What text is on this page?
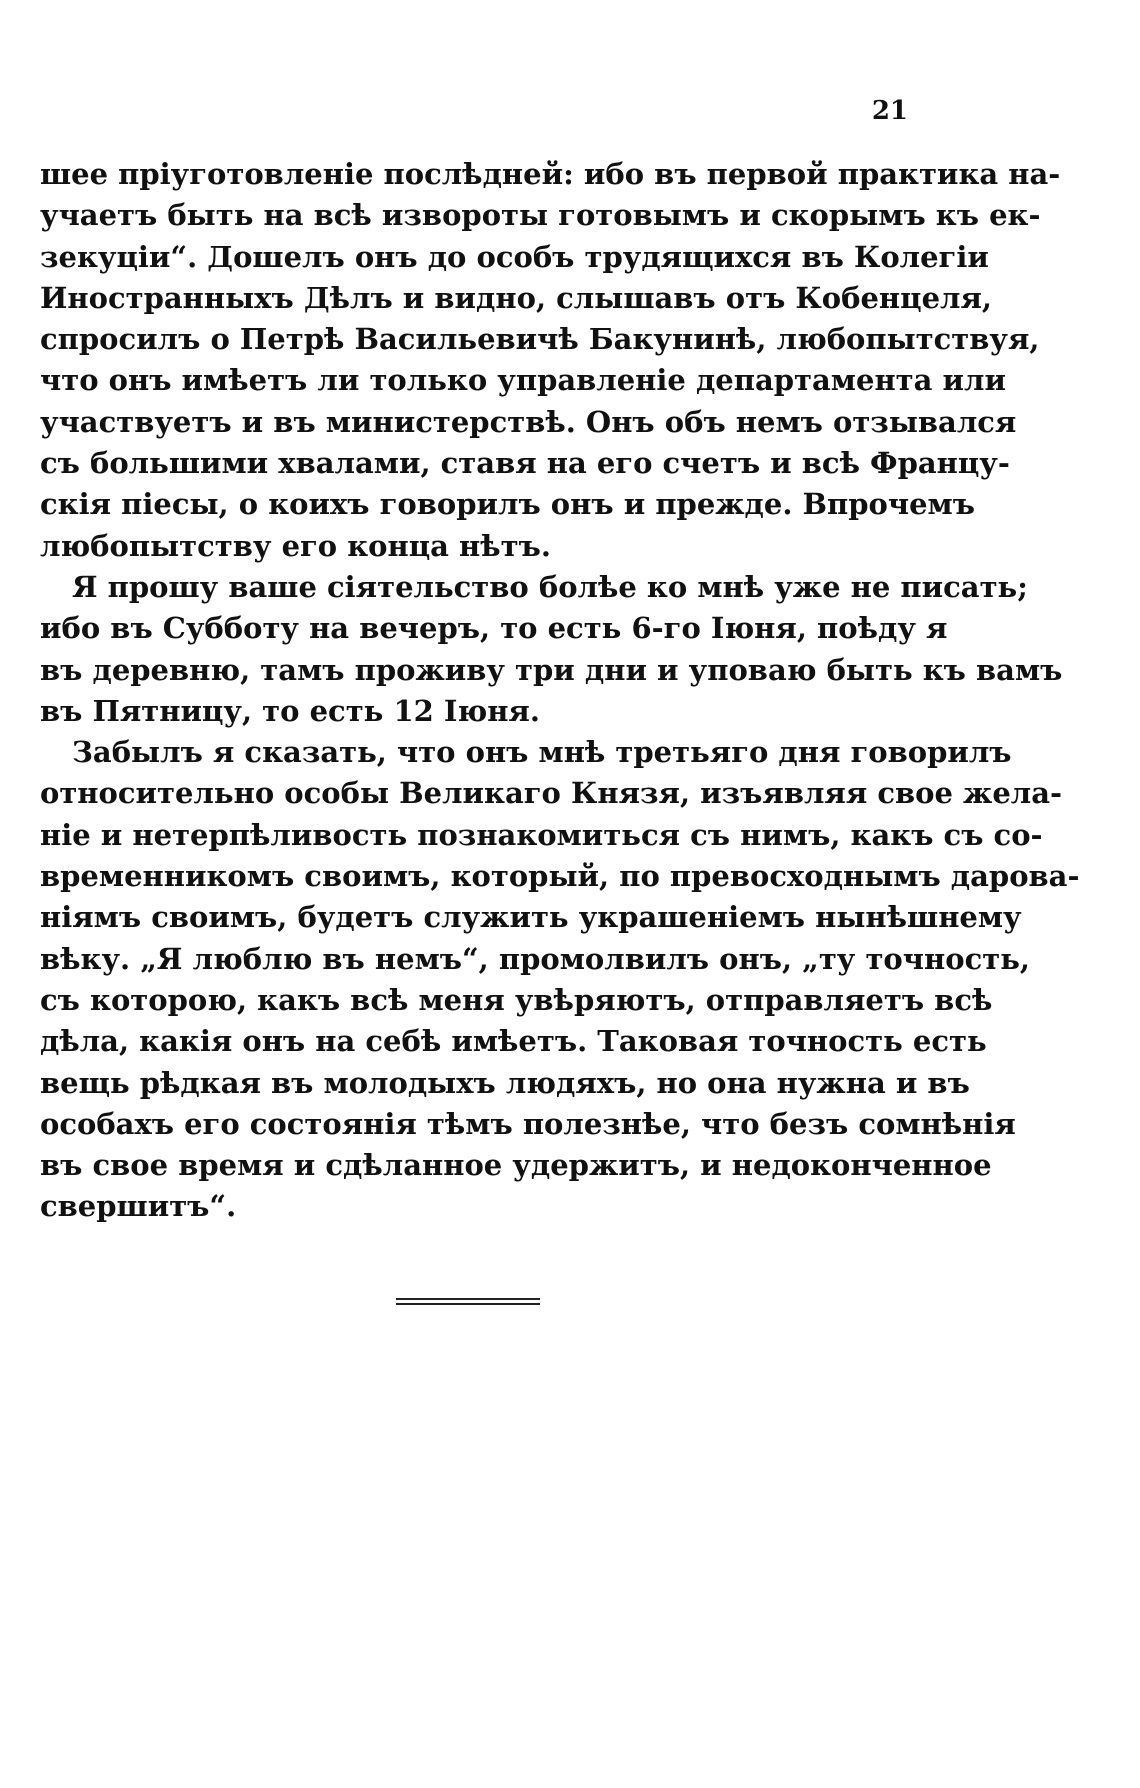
21
шее пріуготовленіе послѣдней: ибо въ первой практика на-
учаетъ быть на всѣ извороты готовымъ и скорымъ къ ек-
зекуціи“. Дошелъ онъ до особъ трудящихся въ Колегіи
Иностранныхъ Дѣлъ и видно, слышавъ отъ Кобенцеля,
спросилъ о Петрѣ Васильевичѣ Бакунинѣ, любопытствуя,
что онъ имѣетъ ли только управленіе департамента или
участвуетъ и въ министерствѣ. Онъ объ немъ отзывался
съ большими хвалами, ставя на его счетъ и всѣ Францу-
скія піесы, о коихъ говорилъ онъ и прежде. Впрочемъ
любопытству его конца нѣтъ.
Я прошу ваше сіятельство болѣе ко мнѣ уже не писать;
ибо въ Субботу на вечеръ, то есть 6-го Іюня, поѣду я
въ деревню, тамъ проживу три дни и уповаю быть къ вамъ
въ Пятницу, то есть 12 Іюня.
Забылъ я сказать, что онъ мнѣ третьяго дня говорилъ
относительно особы Великаго Князя, изъявляя свое жела-
ніе и нетерпѣливость познакомиться съ нимъ, какъ съ со-
временникомъ своимъ, который, по превосходнымъ дарова-
ніямъ своимъ, будетъ служить украшеніемъ нынѣшнему
вѣку. „Я люблю въ немъ“, промолвилъ онъ, „ту точность,
съ которою, какъ всѣ меня увѣряютъ, отправляетъ всѣ
дѣла, какія онъ на себѣ имѣетъ. Таковая точность есть
вещь рѣдкая въ молодыхъ людяхъ, но она нужна и въ
особахъ его состоянія тѣмъ полезнѣе, что безъ сомнѣнія
въ свое время и сдѣланное удержитъ, и недоконченное
свершитъ“.
